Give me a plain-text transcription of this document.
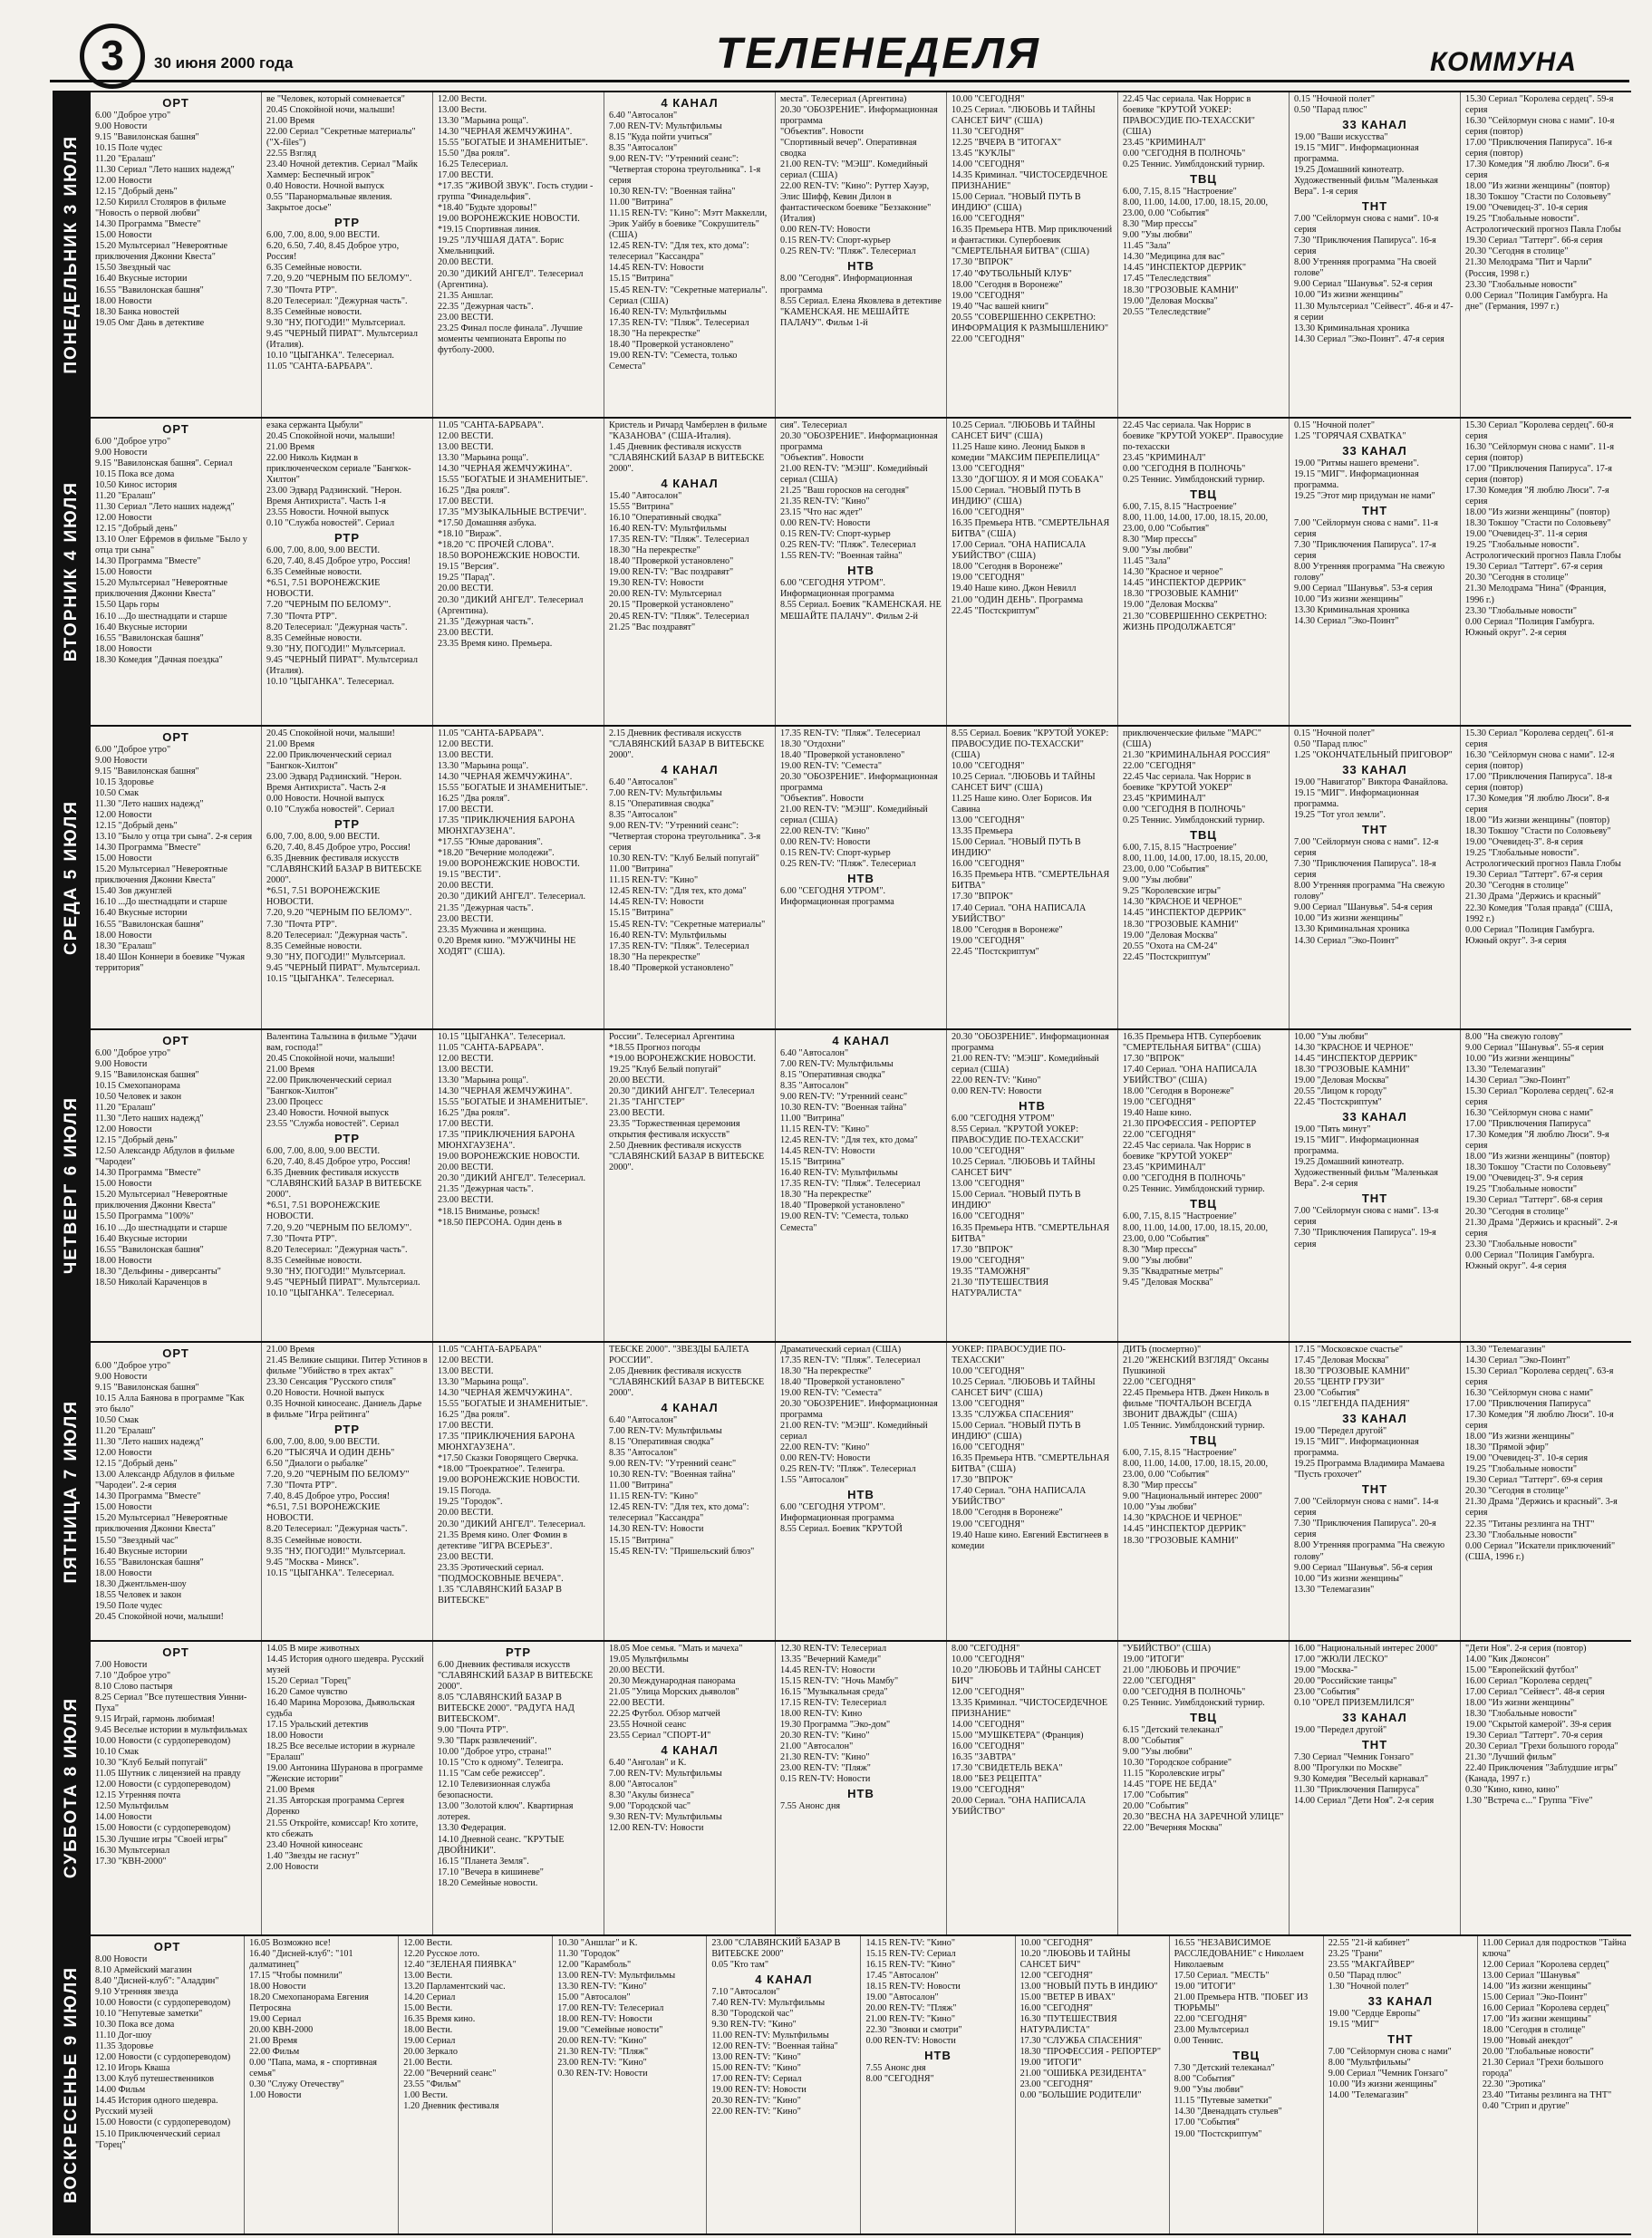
3	30 июня 2000 года	ТЕЛЕНЕДЕЛЯ	КОММУНА
ПОНЕДЕЛЬНИК 3 ИЮЛЯ
ОРТ
6.00 "Доброе утро"
9.00 Новости
9.15 "Вавилонская башня"
10.15 Поле чудес
11.20 "Ералаш"
11.30 Сериал "Лето наших надежд"
12.00 Новости
12.15 "Добрый день"
12.50 Кирилл Столяров в фильме "Новость о первой любви"
14.30 Программа "Вместе"
15.00 Новости
15.20 Мультсериал "Невероятные приключения Джонни Квеста"
15.50 Звездный час
16.40 Вкусные истории
16.55 "Вавилонская башня"
18.00 Новости
18.30 Банка новостей
19.05 Омг Дань в детективе
ве "Человек, который сомневается"
20.45 Спокойной ночи, малыши!
21.00 Время
22.00 Сериал "Секретные материалы" ("X-files")
22.55 Взгляд
23.40 Ночной детектив. Сериал "Майк Хаммер: Беспечный игрок"
0.40 Новости. Ночной выпуск
0.55 "Паранормальные явления. Закрытое досье"
РТР
6.00, 7.00, 8.00, 9.00 ВЕСТИ.
6.20, 6.50, 7.40, 8.45 Доброе утро, Россия!
6.35 Семейные новости.
7.20, 9.20 "ЧЕРНЫМ ПО БЕЛОМУ".
7.30 "Почта РТР".
8.20 Телесериал: "Дежурная часть".
8.35 Семейные новости.
9.30 "НУ, ПОГОДИ!" Мультсериал.
9.45 "ЧЕРНЫЙ ПИРАТ". Мультсериал (Италия).
10.10 "ЦЫГАНКА". Телесериал.
11.05 "САНТА-БАРБАРА".
12.00 Вести.
13.00 Вести.
13.30 "Марьина роща".
14.30 "ЧЕРНАЯ ЖЕМЧУЖИНА".
15.55 "БОГАТЫЕ И ЗНАМЕНИТЫЕ".
15.50 "Два рояля".
16.25 Телесериал.
17.00 ВЕСТИ.
*17.35 "ЖИВОЙ ЗВУК". Гость студии - группа "Финадельфия".
*18.40 "Будьте здоровы!"
19.00 ВОРОНЕЖСКИЕ НОВОСТИ.
*19.15 Спортивная линия.
19.25 "ЛУЧШАЯ ДАТА". Борис Хмельницкий.
20.00 ВЕСТИ.
20.30 "ДИКИЙ АНГЕЛ". Телесериал (Аргентина).
21.35 Аншлаг.
22.35 "Дежурная часть".
23.00 ВЕСТИ.
23.25 Финал после финала". Лучшие моменты чемпионата Европы по футболу-2000.
4 КАНАЛ
6.40 "Автосалон"
7.00 REN-TV: Мультфильмы
8.15 "Куда пойти учиться"
8.35 "Автосалон"
9.00 REN-TV: "Утренний сеанс": "Четвертая сторона треугольника". 1-я серия
10.30 REN-TV: "Военная тайна"
11.00 "Витрина"
11.15 REN-TV: "Кино": Мэтт Маккелли, Эрик Уайбу в боевике "Сокрушитель" (США)
12.45 REN-TV: "Для тех, кто дома": телесериал "Кассандра"
14.45 REN-TV: Новости
15.15 "Витрина"
15.45 REN-TV: "Секретные материалы". Сериал (США)
16.40 REN-TV: Мультфильмы
17.35 REN-TV: "Пляж". Телесериал
18.30 "На перекрестке"
18.40 "Проверкой установлено"
19.00 REN-TV: "Семеста, только Семеста"
места". Телесериал (Аргентина)
20.30 "ОБОЗРЕНИЕ". Информационная программа
"Объектив". Новости
"Спортивный вечер". Оперативная сводка
21.00 REN-TV: "МЭШ". Комедийный сериал (США)
22.00 REN-TV: "Кино": Руттер Хауэр, Элис Шифф, Кевин Дилон в фантастическом боевике "Беззаконие" (Италия)
0.00 REN-TV: Новости
0.15 REN-TV: Спорт-курьер
0.25 REN-TV: "Пляж". Телесериал
НТВ
8.00 "Сегодня". Информационная программа
8.55 Сериал. Елена Яковлева в детективе "КАМЕНСКАЯ. НЕ МЕШАЙТЕ ПАЛАЧУ". Фильм 1-й
10.00 "СЕГОДНЯ"
10.25 Сериал. "ЛЮБОВЬ И ТАЙНЫ САНСЕТ БИЧ" (США)
11.30 "СЕГОДНЯ"
12.25 "ВЧЕРА В "ИТОГАХ"
13.45 "КУКЛЫ"
14.00 "СЕГОДНЯ"
14.35 Криминал. "ЧИСТОСЕРДЕЧНОЕ ПРИЗНАНИЕ"
15.00 Сериал. "НОВЫЙ ПУТЬ В ИНДИЮ" (США)
16.00 "СЕГОДНЯ"
16.35 Премьера НТВ. Мир приключений и фантастики. Супербоевик "СМЕРТЕЛЬНАЯ БИТВА" (США)
17.30 "ВПРОК"
17.40 "ФУТБОЛЬНЫЙ КЛУБ"
18.00 "Сегодня в Воронеже"
19.00 "СЕГОДНЯ"
19.40 "Час вашей книги"
20.55 "СОВЕРШЕННО СЕКРЕТНО: ИНФОРМАЦИЯ К РАЗМЫШЛЕНИЮ"
22.00 "СЕГОДНЯ"
22.45 Час сериала. Чак Норрис в боевике "КРУТОЙ УОКЕР: ПРАВОСУДИЕ ПО-ТЕХАССКИ" (США)
23.45 "КРИМИНАЛ"
0.00 "СЕГОДНЯ В ПОЛНОЧЬ"
0.25 Теннис. Уимблдонский турнир.
ТВЦ
6.00, 7.15, 8.15 "Настроение"
8.00, 11.00, 14.00, 17.00, 18.15, 20.00, 23.00, 0.00 "События"
8.30 "Мир прессы"
9.00 "Узы любви"
11.45 "Зала"
14.30 "Медицина для вас"
14.45 "ИНСПЕКТОР ДЕРРИК"
17.45 "Телеследствия"
18.30 "ГРОЗОВЫЕ КАМНИ"
19.00 "Деловая Москва"
20.55 "Телеследствие"
0.15 "Ночной полет"
0.50 "Парад плюс"
33 КАНАЛ
19.00 "Ваши искусства"
19.15 "МИГ". Информационная программа.
19.25 Домашний кинотеатр. Художественный фильм "Маленькая Вера". 1-я серия
ТНТ
7.00 "Сейлормун снова с нами". 10-я серия
7.30 "Приключения Папируса". 16-я серия
8.00 Утренняя программа "На своей голове"
9.00 Сериал "Шанувья". 52-я серия
10.00 "Из жизни женщины"
11.30 Мультсериал "Сейвест". 46-я и 47-я серии
13.30 Криминальная хроника
14.30 Сериал "Эко-Поинт". 47-я серия
15.30 Сериал "Королева сердец". 59-я серия
16.30 "Сейлормун снова с нами". 10-я серия (повтор)
17.00 "Приключения Папируса". 16-я серия (повтор)
17.30 Комедия "Я люблю Люси". 6-я серия
18.00 "Из жизни женщины" (повтор)
18.30 Токшоу "Стасти по Соловьеву"
19.00 "Очевидец-3". 10-я серия
19.25 "Глобальные новости". Астрологический прогноз Павла Глобы
19.30 Сериал "Таттерт". 66-я серия
20.30 "Сегодня в столице"
21.30 Мелодрама "Пит и Чарли" (Россия, 1998 г.)
23.30 "Глобальные новости"
0.00 Сериал "Полиция Гамбурга. На дне" (Германия, 1997 г.)
ВТОРНИК 4 ИЮЛЯ
ОРТ
6.00 "Доброе утро"
9.00 Новости
9.15 "Вавилонская башня". Сериал
10.15 Пока все дома
10.50 Кинос история
11.20 "Ералаш"
11.30 Сериал "Лето наших надежд"
12.00 Новости
12.15 "Добрый день"
13.10 Олег Ефремов в фильме "Было у отца три сына"
14.30 Программа "Вместе"
15.00 Новости
15.20 Мультсериал "Невероятные приключения Джонни Квеста"
15.50 Царь горы
16.10 ...До шестнадцати и старше
16.40 Вкусные истории
16.55 "Вавилонская башня"
18.00 Новости
18.30 Комедия "Дачная поездка"
езака сержанта Цыбули"
20.45 Спокойной ночи, малыши!
21.00 Время
22.00 Николь Кидман в приключенческом сериале "Бангкок-Хилтон"
23.00 Эдвард Радзинский. "Нерон. Время Антихриста". Часть 1-я
23.55 Новости. Ночной выпуск
0.10 "Служба новостей". Сериал
РТР
6.00, 7.00, 8.00, 9.00 ВЕСТИ.
6.20, 7.40, 8.45 Доброе утро, Россия!
6.35 Семейные новости.
*6.51, 7.51 ВОРОНЕЖСКИЕ НОВОСТИ.
7.20 "ЧЕРНЫМ ПО БЕЛОМУ".
7.30 "Почта РТР".
8.20 Телесериал: "Дежурная часть".
8.35 Семейные новости.
9.30 "НУ, ПОГОДИ!" Мультсериал.
9.45 "ЧЕРНЫЙ ПИРАТ". Мультсериал (Италия).
10.10 "ЦЫГАНКА". Телесериал.
11.05 "САНТА-БАРБАРА".
12.00 ВЕСТИ.
13.00 ВЕСТИ.
13.30 "Марьина роща".
14.30 "ЧЕРНАЯ ЖЕМЧУЖИНА".
15.55 "БОГАТЫЕ И ЗНАМЕНИТЫЕ".
16.25 "Два рояля".
17.00 ВЕСТИ.
17.35 "МУЗЫКАЛЬНЫЕ ВСТРЕЧИ".
*17.50 Домашняя азбука.
*18.10 "Вираж".
*18.20 "С ПРОЧЕЙ СЛОВА".
18.50 ВОРОНЕЖСКИЕ НОВОСТИ.
19.15 "Версия".
19.25 "Парад".
20.00 ВЕСТИ.
20.30 "ДИКИЙ АНГЕЛ". Телесериал (Аргентина).
21.35 "Дежурная часть".
23.00 ВЕСТИ.
23.35 Время кино. Премьера.
Кристель и Ричард Чамберлен в фильме "КАЗАНОВА" (США-Италия).
1.45 Дневник фестиваля искусств "СЛАВЯНСКИЙ БАЗАР В ВИТЕБСКЕ 2000".
4 КАНАЛ
15.40 "Автосалон"
15.55 "Витрина"
16.10 "Оперативный сводка"
16.40 REN-TV: Мультфильмы
17.35 REN-TV: "Пляж". Телесериал
18.30 "На перекрестке"
18.40 "Проверкой установлено"
19.00 REN-TV: "Вас поздравят"
19.30 REN-TV: Новости
20.00 REN-TV: Мультсериал
20.15 "Проверкой установлено"
20.45 REN-TV: "Пляж". Телесериал
21.25 "Вас поздравят"
сия". Телесериал
20.30 "ОБОЗРЕНИЕ". Информационная программа
"Объектив". Новости
21.00 REN-TV: "МЭШ". Комедийный сериал (США)
21.25 "Ваш горосков на сегодня"
21.35 REN-TV: "Кино"
23.15 "Что нас ждет"
0.00 REN-TV: Новости
0.15 REN-TV: Спорт-курьер
0.25 REN-TV: "Пляж". Телесериал
1.55 REN-TV: "Военная тайна"
НТВ
6.00 "СЕГОДНЯ УТРОМ". Информационная программа
8.55 Сериал. Боевик "КАМЕНСКАЯ. НЕ МЕШАЙТЕ ПАЛАЧУ". Фильм 2-й
10.25 Сериал. "ЛЮБОВЬ И ТАЙНЫ САНСЕТ БИЧ" (США)
11.25 Наше кино. Леонид Быков в комедии "МАКСИМ ПЕРЕПЕЛИЦА"
13.00 "СЕГОДНЯ"
13.30 "ДОГШОУ. Я И МОЯ СОБАКА"
15.00 Сериал. "НОВЫЙ ПУТЬ В ИНДИЮ" (США)
16.00 "СЕГОДНЯ"
16.35 Премьера НТВ. "СМЕРТЕЛЬНАЯ БИТВА" (США)
17.00 Сериал. "ОНА НАПИСАЛА УБИЙСТВО" (США)
18.00 "Сегодня в Воронеже"
19.00 "СЕГОДНЯ"
19.40 Наше кино. Джон Невилл
21.00 "ОДИН ДЕНЬ". Программа
22.45 "Постскриптум"
22.45 Час сериала. Чак Норрис в боевике "КРУТОЙ УОКЕР". Правосудие по-техасски
23.45 "КРИМИНАЛ"
0.00 "СЕГОДНЯ В ПОЛНОЧЬ"
0.25 Теннис. Уимблдонский турнир.
ТВЦ
6.00, 7.15, 8.15 "Настроение"
8.00, 11.00, 14.00, 17.00, 18.15, 20.00, 23.00, 0.00 "События"
8.30 "Мир прессы"
9.00 "Узы любви"
11.45 "Зала"
14.30 "Красное и черное"
14.45 "ИНСПЕКТОР ДЕРРИК"
18.30 "ГРОЗОВЫЕ КАМНИ"
19.00 "Деловая Москва"
21.30 "СОВЕРШЕННО СЕКРЕТНО: ЖИЗНЬ ПРОДОЛЖАЕТСЯ"
0.15 "Ночной полет"
1.25 "ГОРЯЧАЯ СХВАТКА"
33 КАНАЛ
19.00 "Ритмы нашего времени".
19.15 "МИГ". Информационная программа.
19.25 "Этот мир придуман не нами"
ТНТ
7.00 "Сейлормун снова с нами". 11-я серия
7.30 "Приключения Папируса". 17-я серия
8.00 Утренняя программа "На свежую голову"
9.00 Сериал "Шанувья". 53-я серия
10.00 "Из жизни женщины"
13.30 Криминальная хроника
14.30 Сериал "Эко-Поинт"
15.30 Сериал "Королева сердец". 60-я серия
16.30 "Сейлормун снова с нами". 11-я серия (повтор)
17.00 "Приключения Папируса". 17-я серия (повтор)
17.30 Комедия "Я люблю Люси". 7-я серия
18.00 "Из жизни женщины" (повтор)
18.30 Токшоу "Стасти по Соловьеву"
19.00 "Очевидец-3". 11-я серия
19.25 "Глобальные новости". Астрологический прогноз Павла Глобы
19.30 Сериал "Таттерт". 67-я серия
20.30 "Сегодня в столице"
21.30 Мелодрама "Нина" (Франция, 1996 г.)
23.30 "Глобальные новости"
0.00 Сериал "Полиция Гамбурга. Южный округ". 2-я серия
СРЕДА 5 ИЮЛЯ
ОРТ
6.00 "Доброе утро"
9.00 Новости
9.15 "Вавилонская башня"
10.15 Здоровье
10.50 Смак
11.30 "Лето наших надежд"
12.00 Новости
12.15 "Добрый день"
13.10 "Было у отца три сына". 2-я серия
14.30 Программа "Вместе"
15.00 Новости
15.20 Мультсериал "Невероятные приключения Джонни Квеста"
15.40 Зов джунглей
16.10 ...До шестнадцати и старше
16.40 Вкусные истории
16.55 "Вавилонская башня"
18.00 Новости
18.30 "Ералаш"
18.40 Шон Коннери в боевике "Чужая территория"
20.45 Спокойной ночи, малыши!
21.00 Время
22.00 Приключенческий сериал "Бангкок-Хилтон"
23.00 Эдвард Радзинский. "Нерон. Время Антихриста". Часть 2-я
0.00 Новости. Ночной выпуск
0.10 "Служба новостей". Сериал
РТР
6.00, 7.00, 8.00, 9.00 ВЕСТИ.
6.20, 7.40, 8.45 Доброе утро, Россия!
6.35 Дневник фестиваля искусств "СЛАВЯНСКИЙ БАЗАР В ВИТЕБСКЕ 2000".
*6.51, 7.51 ВОРОНЕЖСКИЕ НОВОСТИ.
7.20, 9.20 "ЧЕРНЫМ ПО БЕЛОМУ".
7.30 "Почта РТР".
8.20 Телесериал: "Дежурная часть".
8.35 Семейные новости.
9.30 "НУ, ПОГОДИ!" Мультсериал.
9.45 "ЧЕРНЫЙ ПИРАТ". Мультсериал.
10.15 "ЦЫГАНКА". Телесериал.
11.05 "САНТА-БАРБАРА".
12.00 ВЕСТИ.
13.00 ВЕСТИ.
13.30 "Марьина роща".
14.30 "ЧЕРНАЯ ЖЕМЧУЖИНА".
15.55 "БОГАТЫЕ И ЗНАМЕНИТЫЕ".
16.25 "Два рояля".
17.00 ВЕСТИ.
17.35 "ПРИКЛЮЧЕНИЯ БАРОНА МЮНХГАУЗЕНА".
*17.55 "Юные дарования".
*18.20 "Вечерние молодежи".
19.00 ВОРОНЕЖСКИЕ НОВОСТИ.
19.15 "ВЕСТИ".
20.00 ВЕСТИ.
20.30 "ДИКИЙ АНГЕЛ". Телесериал.
21.35 "Дежурная часть".
23.00 ВЕСТИ.
23.35 Мужчина и женщина.
0.20 Время кино. "МУЖЧИНЫ НЕ ХОДЯТ" (США).
2.15 Дневник фестиваля искусств "СЛАВЯНСКИЙ БАЗАР В ВИТЕБСКЕ 2000".
4 КАНАЛ
6.40 "Автосалон"
7.00 REN-TV: Мультфильмы
8.15 "Оперативная сводка"
8.35 "Автосалон"
9.00 REN-TV: "Утренний сеанс": "Четвертая сторона треугольника". 3-я серия
10.30 REN-TV: "Клуб Белый попугай"
11.00 "Витрина"
11.15 REN-TV: "Кино"
12.45 REN-TV: "Для тех, кто дома"
14.45 REN-TV: Новости
15.15 "Витрина"
15.45 REN-TV: "Секретные материалы"
16.40 REN-TV: Мультфильмы
17.35 REN-TV: "Пляж". Телесериал
18.30 "На перекрестке"
18.40 "Проверкой установлено"
17.35 REN-TV: "Пляж". Телесериал
18.30 "Отдохни"
18.40 "Проверкой установлено"
19.00 REN-TV: "Семеста"
20.30 "ОБОЗРЕНИЕ". Информационная программа
"Объектив". Новости
21.00 REN-TV: "МЭШ". Комедийный сериал (США)
22.00 REN-TV: "Кино"
0.00 REN-TV: Новости
0.15 REN-TV: Спорт-курьер
0.25 REN-TV: "Пляж". Телесериал
НТВ
6.00 "СЕГОДНЯ УТРОМ". Информационная программа
8.55 Сериал. Боевик "КРУТОЙ УОКЕР: ПРАВОСУДИЕ ПО-ТЕХАССКИ" (США)
10.00 "СЕГОДНЯ"
10.25 Сериал. "ЛЮБОВЬ И ТАЙНЫ САНСЕТ БИЧ" (США)
11.25 Наше кино. Олег Борисов. Ия Савина
13.00 "СЕГОДНЯ"
13.35 Премьера
15.00 Сериал. "НОВЫЙ ПУТЬ В ИНДИЮ"
16.00 "СЕГОДНЯ"
16.35 Премьера НТВ. "СМЕРТЕЛЬНАЯ БИТВА"
17.30 "ВПРОК"
17.40 Сериал. "ОНА НАПИСАЛА УБИЙСТВО"
18.00 "Сегодня в Воронеже"
19.00 "СЕГОДНЯ"
22.45 "Постскриптум"
приключенческие фильме "МАРС" (США)
21.30 "КРИМИНАЛЬНАЯ РОССИЯ"
22.00 "СЕГОДНЯ"
22.45 Час сериала. Чак Норрис в боевике "КРУТОЙ УОКЕР"
23.45 "КРИМИНАЛ"
0.00 "СЕГОДНЯ В ПОЛНОЧЬ"
0.25 Теннис. Уимблдонский турнир.
ТВЦ
6.00, 7.15, 8.15 "Настроение"
8.00, 11.00, 14.00, 17.00, 18.15, 20.00, 23.00, 0.00 "События"
9.00 "Узы любви"
9.25 "Королевские игры"
14.30 "КРАСНОЕ И ЧЕРНОЕ"
14.45 "ИНСПЕКТОР ДЕРРИК"
18.30 "ГРОЗОВЫЕ КАМНИ"
19.00 "Деловая Москва"
20.55 "Охота на СМ-24"
22.45 "Постскриптум"
0.15 "Ночной полет"
0.50 "Парад плюс"
1.25 "ОКОНЧАТЕЛЬНЫЙ ПРИГОВОР"
33 КАНАЛ
19.00 "Навигатор" Виктора Фанайлова.
19.15 "МИГ". Информационная программа.
19.25 "Тот угол земли".
ТНТ
7.00 "Сейлормун снова с нами". 12-я серия
7.30 "Приключения Папируса". 18-я серия
8.00 Утренняя программа "На свежую голову"
9.00 Сериал "Шанувья". 54-я серия
10.00 "Из жизни женщины"
13.30 Криминальная хроника
14.30 Сериал "Эко-Поинт"
15.30 Сериал "Королева сердец". 61-я серия
16.30 "Сейлормун снова с нами". 12-я серия (повтор)
17.00 "Приключения Папируса". 18-я серия (повтор)
17.30 Комедия "Я люблю Люси". 8-я серия
18.00 "Из жизни женщины" (повтор)
18.30 Токшоу "Стасти по Соловьеву"
19.00 "Очевидец-3". 8-я серия
19.25 "Глобальные новости". Астрологический прогноз Павла Глобы
19.30 Сериал "Таттерт". 67-я серия
20.30 "Сегодня в столице"
21.30 Драма "Держись и красный"
22.30 Комедия "Голая правда" (США, 1992 г.)
0.00 Сериал "Полиция Гамбурга. Южный округ". 3-я серия
ЧЕТВЕРГ 6 ИЮЛЯ
ОРТ
6.00 "Доброе утро"
9.00 Новости
9.15 "Вавилонская башня"
10.15 Смехопанорама
10.50 Человек и закон
11.20 "Ералаш"
11.30 "Лето наших надежд"
12.00 Новости
12.15 "Добрый день"
12.50 Александр Абдулов в фильме "Чародеи"
14.30 Программа "Вместе"
15.00 Новости
15.20 Мультсериал "Невероятные приключения Джонни Квеста"
15.50 Программа "100%"
16.10 ...До шестнадцати и старше
16.40 Вкусные истории
16.55 "Вавилонская башня"
18.00 Новости
18.30 "Дельфины - диверсанты"
18.50 Николай Караченцов в
Валентина Талызина в фильме "Удачи вам, господа!"
20.45 Спокойной ночи, малыши!
21.00 Время
22.00 Приключенческий сериал "Бангкок-Хилтон"
23.00 Процесс
23.40 Новости. Ночной выпуск
23.55 "Служба новостей". Сериал
РТР
6.00, 7.00, 8.00, 9.00 ВЕСТИ.
6.20, 7.40, 8.45 Доброе утро, Россия!
6.35 Дневник фестиваля искусств "СЛАВЯНСКИЙ БАЗАР В ВИТЕБСКЕ 2000".
*6.51, 7.51 ВОРОНЕЖСКИЕ НОВОСТИ.
7.20, 9.20 "ЧЕРНЫМ ПО БЕЛОМУ".
7.30 "Почта РТР".
8.20 Телесериал: "Дежурная часть".
8.35 Семейные новости.
9.30 "НУ, ПОГОДИ!" Мультсериал.
9.45 "ЧЕРНЫЙ ПИРАТ". Мультсериал.
10.10 "ЦЫГАНКА". Телесериал.
10.15 "ЦЫГАНКА". Телесериал.
11.05 "САНТА-БАРБАРА".
12.00 ВЕСТИ.
13.00 ВЕСТИ.
13.30 "Марьина роща".
14.30 "ЧЕРНАЯ ЖЕМЧУЖИНА".
15.55 "БОГАТЫЕ И ЗНАМЕНИТЫЕ".
16.25 "Два рояля".
17.00 ВЕСТИ.
17.35 "ПРИКЛЮЧЕНИЯ БАРОНА МЮНХГАУЗЕНА".
19.00 ВОРОНЕЖСКИЕ НОВОСТИ.
20.00 ВЕСТИ.
20.30 "ДИКИЙ АНГЕЛ". Телесериал.
21.35 "Дежурная часть".
23.00 ВЕСТИ.
*18.15 Вниманье, розыск!
*18.50 ПЕРСОНА. Один день в
России". Телесериал Аргентина
*18.55 Прогноз погоды
*19.00 ВОРОНЕЖСКИЕ НОВОСТИ.
19.25 "Клуб Белый попугай"
20.00 ВЕСТИ.
20.30 "ДИКИЙ АНГЕЛ". Телесериал
21.35 "ГАНГСТЕР"
23.00 ВЕСТИ.
23.35 "Торжественная церемония открытия фестиваля искусств"
2.50 Дневник фестиваля искусств "СЛАВЯНСКИЙ БАЗАР В ВИТЕБСКЕ 2000".
4 КАНАЛ
6.40 "Автосалон"
7.00 REN-TV: Мультфильмы
8.15 "Оперативная сводка"
8.35 "Автосалон"
9.00 REN-TV: "Утренний сеанс"
10.30 REN-TV: "Военная тайна"
11.00 "Витрина"
11.15 REN-TV: "Кино"
12.45 REN-TV: "Для тех, кто дома"
14.45 REN-TV: Новости
15.15 "Витрина"
16.40 REN-TV: Мультфильмы
17.35 REN-TV: "Пляж". Телесериал
18.30 "На перекрестке"
18.40 "Проверкой установлено"
19.00 REN-TV: "Семеста, только Семеста"
20.30 "ОБОЗРЕНИЕ". Информационная программа
21.00 REN-TV: "МЭШ". Комедийный сериал (США)
22.00 REN-TV: "Кино"
0.00 REN-TV: Новости
НТВ
6.00 "СЕГОДНЯ УТРОМ"
8.55 Сериал. "КРУТОЙ УОКЕР: ПРАВОСУДИЕ ПО-ТЕХАССКИ"
10.00 "СЕГОДНЯ"
10.25 Сериал. "ЛЮБОВЬ И ТАЙНЫ САНСЕТ БИЧ"
13.00 "СЕГОДНЯ"
15.00 Сериал. "НОВЫЙ ПУТЬ В ИНДИЮ"
16.00 "СЕГОДНЯ"
16.35 Премьера НТВ. "СМЕРТЕЛЬНАЯ БИТВА"
17.30 "ВПРОК"
19.00 "СЕГОДНЯ"
19.35 "ТАМОЖНЯ"
21.30 "ПУТЕШЕСТВИЯ НАТУРАЛИСТА"
16.35 Премьера НТВ. Супербоевик "СМЕРТЕЛЬНАЯ БИТВА" (США)
17.30 "ВПРОК"
17.40 Сериал. "ОНА НАПИСАЛА УБИЙСТВО" (США)
18.00 "Сегодня в Воронеже"
19.00 "СЕГОДНЯ"
19.40 Наше кино.
21.30 ПРОФЕССИЯ - РЕПОРТЕР
22.00 "СЕГОДНЯ"
22.45 Час сериала. Чак Норрис в боевике "КРУТОЙ УОКЕР"
23.45 "КРИМИНАЛ"
0.00 "СЕГОДНЯ В ПОЛНОЧЬ"
0.25 Теннис. Уимблдонский турнир.
ТВЦ
6.00, 7.15, 8.15 "Настроение"
8.00, 11.00, 14.00, 17.00, 18.15, 20.00, 23.00, 0.00 "События"
8.30 "Мир прессы"
9.00 "Узы любви"
9.35 "Квадратные метры"
9.45 "Деловая Москва"
10.00 "Узы любви"
14.30 "КРАСНОЕ И ЧЕРНОЕ"
14.45 "ИНСПЕКТОР ДЕРРИК"
18.30 "ГРОЗОВЫЕ КАМНИ"
19.00 "Деловая Москва"
20.55 "Лицом к городу"
22.45 "Постскриптум"
33 КАНАЛ
19.00 "Пять минут"
19.15 "МИГ". Информационная программа.
19.25 Домашний кинотеатр. Художественный фильм "Маленькая Вера". 2-я серия
ТНТ
7.00 "Сейлормун снова с нами". 13-я серия
7.30 "Приключения Папируса". 19-я серия
8.00 "На свежую голову"
9.00 Сериал "Шанувья". 55-я серия
10.00 "Из жизни женщины"
13.30 "Телемагазин"
14.30 Сериал "Эко-Поинт"
15.30 Сериал "Королева сердец". 62-я серия
16.30 "Сейлормун снова с нами"
17.00 "Приключения Папируса"
17.30 Комедия "Я люблю Люси". 9-я серия
18.00 "Из жизни женщины" (повтор)
18.30 Токшоу "Стасти по Соловьеву"
19.00 "Очевидец-3". 9-я серия
19.25 "Глобальные новости"
19.30 Сериал "Таттерт". 68-я серия
20.30 "Сегодня в столице"
21.30 Драма "Держись и красный". 2-я серия
23.30 "Глобальные новости"
0.00 Сериал "Полиция Гамбурга. Южный округ". 4-я серия
ПЯТНИЦА 7 ИЮЛЯ
ОРТ
6.00 "Доброе утро"
9.00 Новости
9.15 "Вавилонская башня"
10.15 Алла Баянова в программе "Как это было"
10.50 Смак
11.20 "Ералаш"
11.30 "Лето наших надежд"
12.00 Новости
12.15 "Добрый день"
13.00 Александр Абдулов в фильме "Чародеи". 2-я серия
14.30 Программа "Вместе"
15.00 Новости
15.20 Мультсериал "Невероятные приключения Джонни Квеста"
15.50 "Звездный час"
16.40 Вкусные истории
16.55 "Вавилонская башня"
18.00 Новости
18.30 Джентльмен-шоу
18.55 Человек и закон
19.50 Поле чудес
20.45 Спокойной ночи, малыши!
21.00 Время
21.45 Великие сыщики. Питер Устинов в фильме "Убийство в трех актах"
23.30 Сенсация "Русского стиля"
0.20 Новости. Ночной выпуск
0.35 Ночной киносеанс. Даниель Дарье в фильме "Игра рейтинга"
РТР
6.00, 7.00, 8.00, 9.00 ВЕСТИ.
6.20 "ТЫСЯЧА И ОДИН ДЕНЬ"
6.50 "Диалоги о рыбалке"
7.20, 9.20 "ЧЕРНЫМ ПО БЕЛОМУ"
7.30 "Почта РТР".
7.40, 8.45 Доброе утро, Россия!
*6.51, 7.51 ВОРОНЕЖСКИЕ НОВОСТИ.
8.20 Телесериал: "Дежурная часть".
8.35 Семейные новости.
9.35 "НУ, ПОГОДИ!" Мультсериал.
9.45 "Москва - Минск".
10.15 "ЦЫГАНКА". Телесериал.
11.05 "САНТА-БАРБАРА"
12.00 ВЕСТИ.
13.00 ВЕСТИ.
13.30 "Марьина роща".
14.30 "ЧЕРНАЯ ЖЕМЧУЖИНА".
15.55 "БОГАТЫЕ И ЗНАМЕНИТЫЕ".
16.25 "Два рояля".
17.00 ВЕСТИ.
17.35 "ПРИКЛЮЧЕНИЯ БАРОНА МЮНХГАУЗЕНА".
*17.50 Сказки Говорящего Сверчка.
*18.00 "Троекратное". Телеигра.
19.00 ВОРОНЕЖСКИЕ НОВОСТИ.
19.15 Погода.
19.25 "Городок".
20.00 ВЕСТИ.
20.30 "ДИКИЙ АНГЕЛ". Телесериал.
21.35 Время кино. Олег Фомин в детективе "ИГРА ВСЕРЬЕЗ".
23.00 ВЕСТИ.
23.35 Эротический сериал. "ПОДМОСКОВНЫЕ ВЕЧЕРА".
1.35 "СЛАВЯНСКИЙ БАЗАР В ВИТЕБСКЕ"
ТЕБСКЕ 2000". "ЗВЕЗДЫ БАЛЕТА РОССИИ".
2.05 Дневник фестиваля искусств "СЛАВЯНСКИЙ БАЗАР В ВИТЕБСКЕ 2000".
4 КАНАЛ
6.40 "Автосалон"
7.00 REN-TV: Мультфильмы
8.15 "Оперативная сводка"
8.35 "Автосалон"
9.00 REN-TV: "Утренний сеанс"
10.30 REN-TV: "Военная тайна"
11.00 "Витрина"
11.15 REN-TV: "Кино"
12.45 REN-TV: "Для тех, кто дома": телесериал "Кассандра"
14.30 REN-TV: Новости
15.15 "Витрина"
15.45 REN-TV: "Пришельский блюз"
Драматический сериал (США)
17.35 REN-TV: "Пляж". Телесериал
18.30 "На перекрестке"
18.40 "Проверкой установлено"
19.00 REN-TV: "Семеста"
20.30 "ОБОЗРЕНИЕ". Информационная программа
21.00 REN-TV: "МЭШ". Комедийный сериал
22.00 REN-TV: "Кино"
0.00 REN-TV: Новости
0.25 REN-TV: "Пляж". Телесериал
1.55 "Автосалон"
НТВ
6.00 "СЕГОДНЯ УТРОМ". Информационная программа
8.55 Сериал. Боевик "КРУТОЙ
УОКЕР: ПРАВОСУДИЕ ПО-ТЕХАССКИ"
10.00 "СЕГОДНЯ"
10.25 Сериал. "ЛЮБОВЬ И ТАЙНЫ САНСЕТ БИЧ" (США)
13.00 "СЕГОДНЯ"
13.35 "СЛУЖБА СПАСЕНИЯ"
15.00 Сериал. "НОВЫЙ ПУТЬ В ИНДИЮ" (США)
16.00 "СЕГОДНЯ"
16.35 Премьера НТВ. "СМЕРТЕЛЬНАЯ БИТВА" (США)
17.30 "ВПРОК"
17.40 Сериал. "ОНА НАПИСАЛА УБИЙСТВО"
18.00 "Сегодня в Воронеже"
19.00 "СЕГОДНЯ"
19.40 Наше кино. Евгений Евстигнеев в комедии
ДИТЬ (посмертно)"
21.20 "ЖЕНСКИЙ ВЗГЛЯД" Оксаны Пушкиной
22.00 "СЕГОДНЯ"
22.45 Премьера НТВ. Джен Николь в фильме "ПОЧТАЛЬОН ВСЕГДА ЗВОНИТ ДВАЖДЫ" (США)
1.05 Теннис. Уимблдонский турнир.
ТВЦ
6.00, 7.15, 8.15 "Настроение"
8.00, 11.00, 14.00, 17.00, 18.15, 20.00, 23.00, 0.00 "События"
8.30 "Мир прессы"
9.00 "Национальный интерес 2000"
10.00 "Узы любви"
14.30 "КРАСНОЕ И ЧЕРНОЕ"
14.45 "ИНСПЕКТОР ДЕРРИК"
18.30 "ГРОЗОВЫЕ КАМНИ"
17.15 "Московское счастье"
17.45 "Деловая Москва"
18.30 "ГРОЗОВЫЕ КАМНИ"
20.55 "ЦЕНТР ГРУЗИ"
23.00 "События"
0.15 "ЛЕГЕНДА ПАДЕНИЯ"
33 КАНАЛ
19.00 "Передел другой"
19.15 "МИГ". Информационная программа.
19.25 Программа Владимира Мамаева "Пусть грохочет"
ТНТ
7.00 "Сейлормун снова с нами". 14-я серия
7.30 "Приключения Папируса". 20-я серия
8.00 Утренняя программа "На свежую голову"
9.00 Сериал "Шанувья". 56-я серия
10.00 "Из жизни женщины"
13.30 "Телемагазин"
13.30 "Телемагазин"
14.30 Сериал "Эко-Поинт"
15.30 Сериал "Королева сердец". 63-я серия
16.30 "Сейлормун снова с нами"
17.00 "Приключения Папируса"
17.30 Комедия "Я люблю Люси". 10-я серия
18.00 "Из жизни женщины"
18.30 "Прямой эфир"
19.00 "Очевидец-3". 10-я серия
19.25 "Глобальные новости"
19.30 Сериал "Таттерт". 69-я серия
20.30 "Сегодня в столице"
21.30 Драма "Держись и красный". 3-я серия
22.35 "Титаны резлинга на ТНТ"
23.30 "Глобальные новости"
0.00 Сериал "Искатели приключений" (США, 1996 г.)
СУББОТА 8 ИЮЛЯ
ОРТ
7.00 Новости
7.10 "Доброе утро"
8.10 Слово пастыря
8.25 Сериал "Все путешествия Уинни-Пуха"
9.15 Играй, гармонь любимая!
9.45 Веселые истории в мультфильмах
10.00 Новости (с сурдопереводом)
10.10 Смак
10.30 "Клуб Белый попугай"
11.05 Шутник с лицензией на правду
12.00 Новости (с сурдопереводом)
12.15 Утренняя почта
12.50 Мультфильм
14.00 Новости
15.00 Новости (с сурдопереводом)
15.30 Лучшие игры "Своей игры"
16.30 Мультсериал
17.30 "КВН-2000"
14.05 В мире животных
14.45 История одного шедевра. Русский музей
15.20 Сериал "Горец"
16.20 Самое чувство
16.40 Марина Морозова, Дьявольская судьба
17.15 Уральский детектив
18.00 Новости
18.25 Все веселые истории в журнале "Ералаш"
19.00 Антонина Шуранова в программе "Женские истории"
21.00 Время
21.35 Авторская программа Сергея Доренко
21.55 Откройте, комиссар! Кто хотите, кто сбежать
23.40 Ночной киносеанс
1.40 "Звезды не гаснут"
2.00 Новости
РТР
6.00 Дневник фестиваля искусств "СЛАВЯНСКИЙ БАЗАР В ВИТЕБСКЕ 2000".
8.05 "СЛАВЯНСКИЙ БАЗАР В ВИТЕБСКЕ 2000". "РАДУГА НАД ВИТЕБСКОМ".
9.00 "Почта РТР".
9.30 "Парк развлечений".
10.00 "Доброе утро, страна!"
10.15 "Сто к одному". Телеигра.
11.15 "Сам себе режиссер".
12.10 Телевизионная служба безопасности.
13.00 "Золотой ключ". Квартирная лотерея.
13.30 Федерация.
14.10 Дневной сеанс. "КРУТЫЕ ДВОЙНИКИ".
16.15 "Планета Земля".
17.10 "Вечера в кишиневе"
18.20 Семейные новости.
18.05 Мое семья. "Мать и мачеха"
19.05 Мультфильмы
20.00 ВЕСТИ.
20.30 Международная панорама
21.05 "Улица Морских дьяволов"
22.00 ВЕСТИ.
22.25 Футбол. Обзор матчей
23.55 Ночной сеанс
23.55 Сериал "СПОРТ-И"
4 КАНАЛ
6.40 "Анголан" и К.
7.00 REN-TV: Мультфильмы
8.00 "Автосалон"
8.30 "Акулы бизнеса"
9.00 "Городской час"
9.30 REN-TV: Мультфильмы
12.00 REN-TV: Новости
12.30 REN-TV: Телесериал
13.35 "Вечерний Камеди"
14.45 REN-TV: Новости
15.15 REN-TV: "Ночь Мамбу"
16.15 "Музыкальная среда"
17.15 REN-TV: Телесериал
18.00 REN-TV: Кино
19.30 Программа "Эко-дом"
20.30 REN-TV: "Кино"
21.00 "Автосалон"
21.30 REN-TV: "Кино"
23.00 REN-TV: "Пляж"
0.15 REN-TV: Новости
НТВ
7.55 Анонс дня
8.00 "СЕГОДНЯ"
10.00 "СЕГОДНЯ"
10.20 "ЛЮБОВЬ И ТАЙНЫ САНСЕТ БИЧ"
12.00 "СЕГОДНЯ"
13.35 Криминал. "ЧИСТОСЕРДЕЧНОЕ ПРИЗНАНИЕ"
14.00 "СЕГОДНЯ"
15.00 "МУШКЕТЕРА" (Франция)
16.00 "СЕГОДНЯ"
16.35 "ЗАВТРА"
17.30 "СВИДЕТЕЛЬ ВЕКА"
18.00 "БЕЗ РЕЦЕПТА"
19.00 "СЕГОДНЯ"
20.00 Сериал. "ОНА НАПИСАЛА УБИЙСТВО"
"УБИЙСТВО" (США)
19.00 "ИТОГИ"
21.00 "ЛЮБОВЬ И ПРОЧИЕ"
22.00 "СЕГОДНЯ"
0.00 "СЕГОДНЯ В ПОЛНОЧЬ"
0.25 Теннис. Уимблдонский турнир.
ТВЦ
6.15 "Детский телеканал"
8.00 "События"
9.00 "Узы любви"
10.30 "Городское собрание"
11.15 "Королевские игры"
14.45 "ГОРЕ НЕ БЕДА"
17.00 "События"
20.00 "События"
20.30 "ВЕСНА НА ЗАРЕЧНОЙ УЛИЦЕ"
22.00 "Вечерняя Москва"
16.00 "Национальный интерес 2000"
17.00 "ЖЮЛИ ЛЕСКО"
19.00 "Москва-"
20.00 "Российские танцы"
23.00 "События"
0.10 "ОРЕЛ ПРИЗЕМЛИЛСЯ"
33 КАНАЛ
19.00 "Передел другой"
ТНТ
7.30 Сериал "Чемник Гонзаго"
8.00 "Прогулки по Москве"
9.30 Комедия "Веселый карнавал"
11.30 "Приключения Папируса"
14.00 Сериал "Дети Ноя". 2-я серия
"Дети Ноя". 2-я серия (повтор)
14.00 "Кик Джонсон"
15.00 "Европейский футбол"
16.00 Сериал "Королева сердец"
17.00 Сериал "Сейвест". 48-я серия
18.00 "Из жизни женщины"
18.30 "Глобальные новости"
19.00 "Скрытой камерой". 39-я серия
19.30 Сериал "Таттерт". 70-я серия
20.30 Сериал "Грехи большого города"
21.30 "Лучший фильм"
22.40 Приключения "Заблудшие игры" (Канада, 1997 г.)
0.30 "Кино, кино, кино"
1.30 "Встреча с..." Группа "Five"
ВОСКРЕСЕНЬЕ 9 ИЮЛЯ
ОРТ
8.00 Новости
8.10 Армейский магазин
8.40 "Дисней-клуб": "Аладдин"
9.10 Утренняя звезда
10.00 Новости (с сурдопереводом)
10.10 "Непутевые заметки"
10.30 Пока все дома
11.10 Дог-шоу
11.35 Здоровье
12.00 Новости (с сурдопереводом)
12.10 Игорь Кваша
13.00 Клуб путешественников
14.00 Фильм
14.45 История одного шедевра. Русский музей
15.00 Новости (с сурдопереводом)
15.10 Приключенческий сериал "Горец"
16.05 Возможно все!
16.40 "Дисней-клуб": "101 далматинец"
17.15 "Чтобы помнили"
18.00 Новости
18.20 Смехопанорама Евгения Петросяна
19.00 Сериал
20.00 КВН-2000
21.00 Время
22.00 Фильм
0.00 "Папа, мама, я - спортивная семья"
0.30 "Служу Отечеству"
1.00 Новости
12.00 Вести.
12.20 Русское лото.
12.40 "ЗЕЛЕНАЯ ПИЯВКА"
13.00 Вести.
13.20 Парламентский час.
14.20 Сериал
15.00 Вести.
16.35 Время кино.
18.00 Вести.
19.00 Сериал
20.00 Зеркало
21.00 Вести.
22.00 "Вечерний сеанс"
23.55 "Фильм"
1.00 Вести.
1.20 Дневник фестиваля
10.30 "Аншлаг" и К.
11.30 "Городок"
12.00 "Карамболь"
13.00 REN-TV: Мультфильмы
13.30 REN-TV: "Кино"
15.00 "Автосалон"
17.00 REN-TV: Телесериал
18.00 REN-TV: Новости
19.00 "Семейные новости"
20.00 REN-TV: "Кино"
21.30 REN-TV: "Пляж"
23.00 REN-TV: "Кино"
0.30 REN-TV: Новости
23.00 "СЛАВЯНСКИЙ БАЗАР В ВИТЕБСКЕ 2000"
0.05 "Кто там"
4 КАНАЛ
7.10 "Автосалон"
7.40 REN-TV: Мультфильмы
8.30 "Городской час"
9.30 REN-TV: "Кино"
11.00 REN-TV: Мультфильмы
12.00 REN-TV: "Военная тайна"
13.00 REN-TV: "Кино"
15.00 REN-TV: "Кино"
17.00 REN-TV: Сериал
19.00 REN-TV: Новости
20.30 REN-TV: "Кино"
22.00 REN-TV: "Кино"
14.15 REN-TV: "Кино"
15.15 REN-TV: Сериал
16.15 REN-TV: "Кино"
17.45 "Автосалон"
18.15 REN-TV: Новости
19.00 "Автосалон"
20.00 REN-TV: "Пляж"
21.00 REN-TV: "Кино"
22.30 "Звонки и смотри"
0.00 REN-TV: Новости
НТВ
7.55 Анонс дня
8.00 "СЕГОДНЯ"
10.00 "СЕГОДНЯ"
10.20 "ЛЮБОВЬ И ТАЙНЫ САНСЕТ БИЧ"
12.00 "СЕГОДНЯ"
13.00 "НОВЫЙ ПУТЬ В ИНДИЮ"
15.00 "ВЕТЕР В ИВАХ"
16.00 "СЕГОДНЯ"
16.30 "ПУТЕШЕСТВИЯ НАТУРАЛИСТА"
17.30 "СЛУЖБА СПАСЕНИЯ"
18.30 "ПРОФЕССИЯ - РЕПОРТЕР"
19.00 "ИТОГИ"
21.00 "ОШИБКА РЕЗИДЕНТА"
23.00 "СЕГОДНЯ"
0.00 "БОЛЬШИЕ РОДИТЕЛИ"
16.55 "НЕЗАВИСИМОЕ РАССЛЕДОВАНИЕ" с Николаем Николаевым
17.50 Сериал. "МЕСТЬ"
19.00 "ИТОГИ"
21.00 Премьера НТВ. "ПОБЕГ ИЗ ТЮРЬМЫ"
22.00 "СЕГОДНЯ"
23.00 Мультсериал
0.00 Теннис.
ТВЦ
7.30 "Детский телеканал"
8.00 "События"
9.00 "Узы любви"
11.15 "Путевые заметки"
14.30 "Двенадцать стульев"
17.00 "События"
19.00 "Постскриптум"
22.55 "21-й кабинет"
23.25 "Грани"
23.55 "МАКГАЙВЕР"
0.50 "Парад плюс"
1.30 "Ночной полет"
33 КАНАЛ
19.00 "Сердце Европы"
19.15 "МИГ"
ТНТ
7.00 "Сейлормун снова с нами"
8.00 "Мультфильмы"
9.00 Сериал "Чемник Гонзаго"
10.00 "Из жизни женщины"
14.00 "Телемагазин"
11.00 Сериал для подростков "Тайна ключа"
12.00 Сериал "Королева сердец"
13.00 Сериал "Шанувья"
14.00 "Из жизни женщины"
15.00 Сериал "Эко-Поинт"
16.00 Сериал "Королева сердец"
17.00 "Из жизни женщины"
18.00 "Сегодня в столице"
19.00 "Новый анекдот"
20.00 "Глобальные новости"
21.30 Сериал "Грехи большого города"
22.30 "Эротика"
23.40 "Титаны резлинга на ТНТ"
0.40 "Стрип и другие"
